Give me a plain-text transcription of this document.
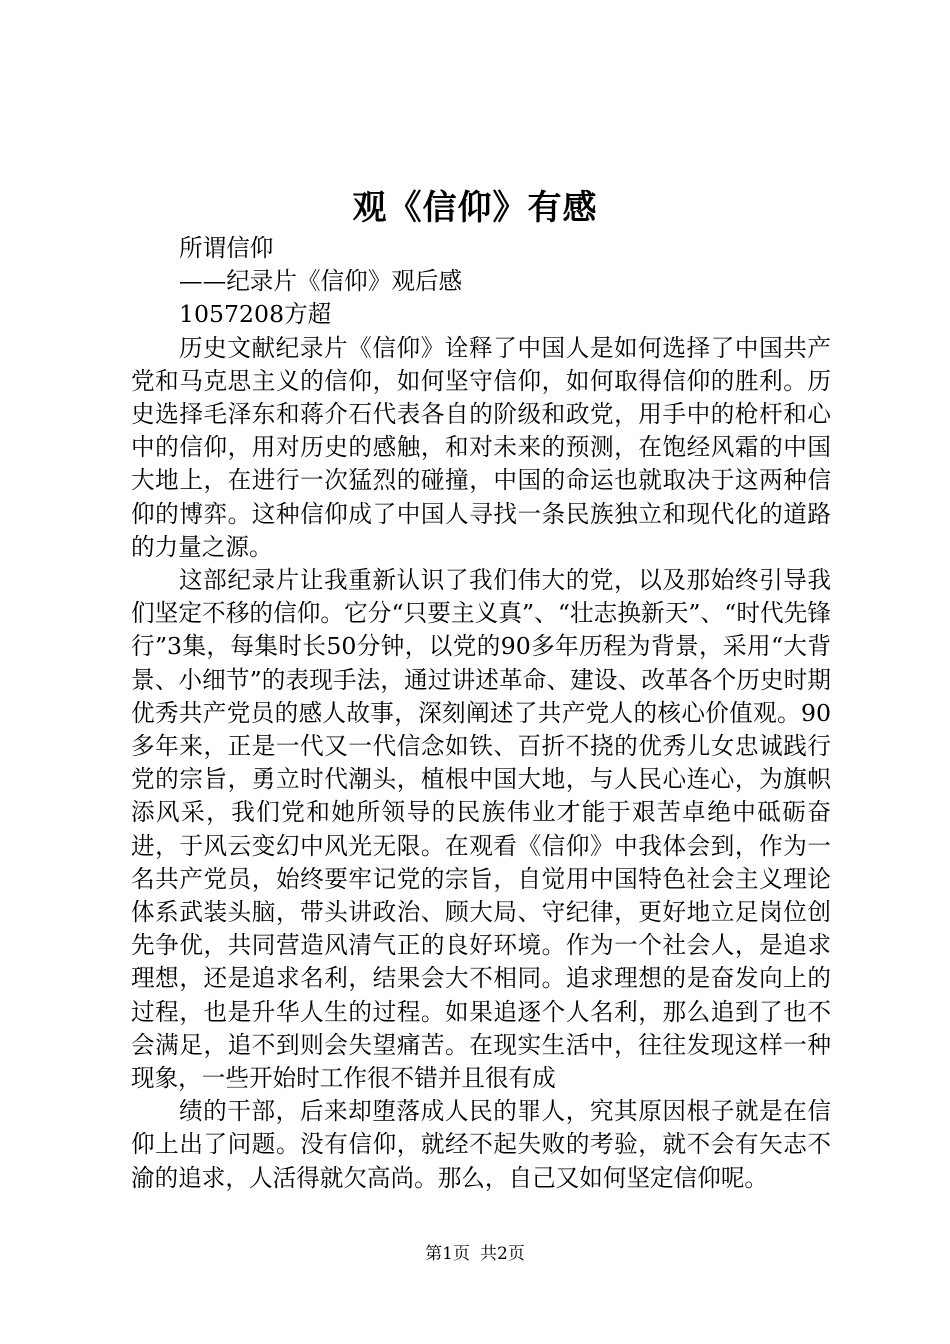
观《信仰》有感

所谓信仰

——纪录片《信仰》观后感

1057208方超

历史文献纪录片《信仰》诠释了中国人是如何选择了中国共产党和马克思主义的信仰，如何坚守信仰，如何取得信仰的胜利。历史选择毛泽东和蒋介石代表各自的阶级和政党，用手中的枪杆和心中的信仰，用对历史的感触，和对未来的预测，在饱经风霜的中国大地上，在进行一次猛烈的碰撞，中国的命运也就取决于这两种信仰的博弈。这种信仰成了中国人寻找一条民族独立和现代化的道路的力量之源。

这部纪录片让我重新认识了我们伟大的党，以及那始终引导我们坚定不移的信仰。它分“只要主义真”、“壮志换新天”、“时代先锋行”3集，每集时长50分钟，以党的90多年历程为背景，采用“大背景、小细节”的表现手法，通过讲述革命、建设、改革各个历史时期优秀共产党员的感人故事，深刻阐述了共产党人的核心价值观。90多年来，正是一代又一代信念如铁、百折不挠的优秀儿女忠诚践行党的宗旨，勇立时代潮头，植根中国大地，与人民心连心，为旗帜添风采，我们党和她所领导的民族伟业才能于艰苦卓绝中砥砺奋进，于风云变幻中风光无限。在观看《信仰》中我体会到，作为一名共产党员，始终要牢记党的宗旨，自觉用中国特色社会主义理论体系武装头脑，带头讲政治、顾大局、守纪律，更好地立足岗位创先争优，共同营造风清气正的良好环境。作为一个社会人，是追求理想，还是追求名利，结果会大不相同。追求理想的是奋发向上的过程，也是升华人生的过程。如果追逐个人名利，那么追到了也不会满足，追不到则会失望痛苦。在现实生活中，往往发现这样一种现象，一些开始时工作很不错并且很有成

绩的干部，后来却堕落成人民的罪人，究其原因根子就是在信仰上出了问题。没有信仰，就经不起失败的考验，就不会有矢志不渝的追求，人活得就欠高尚。那么，自己又如何坚定信仰呢。

第1页 共2页
